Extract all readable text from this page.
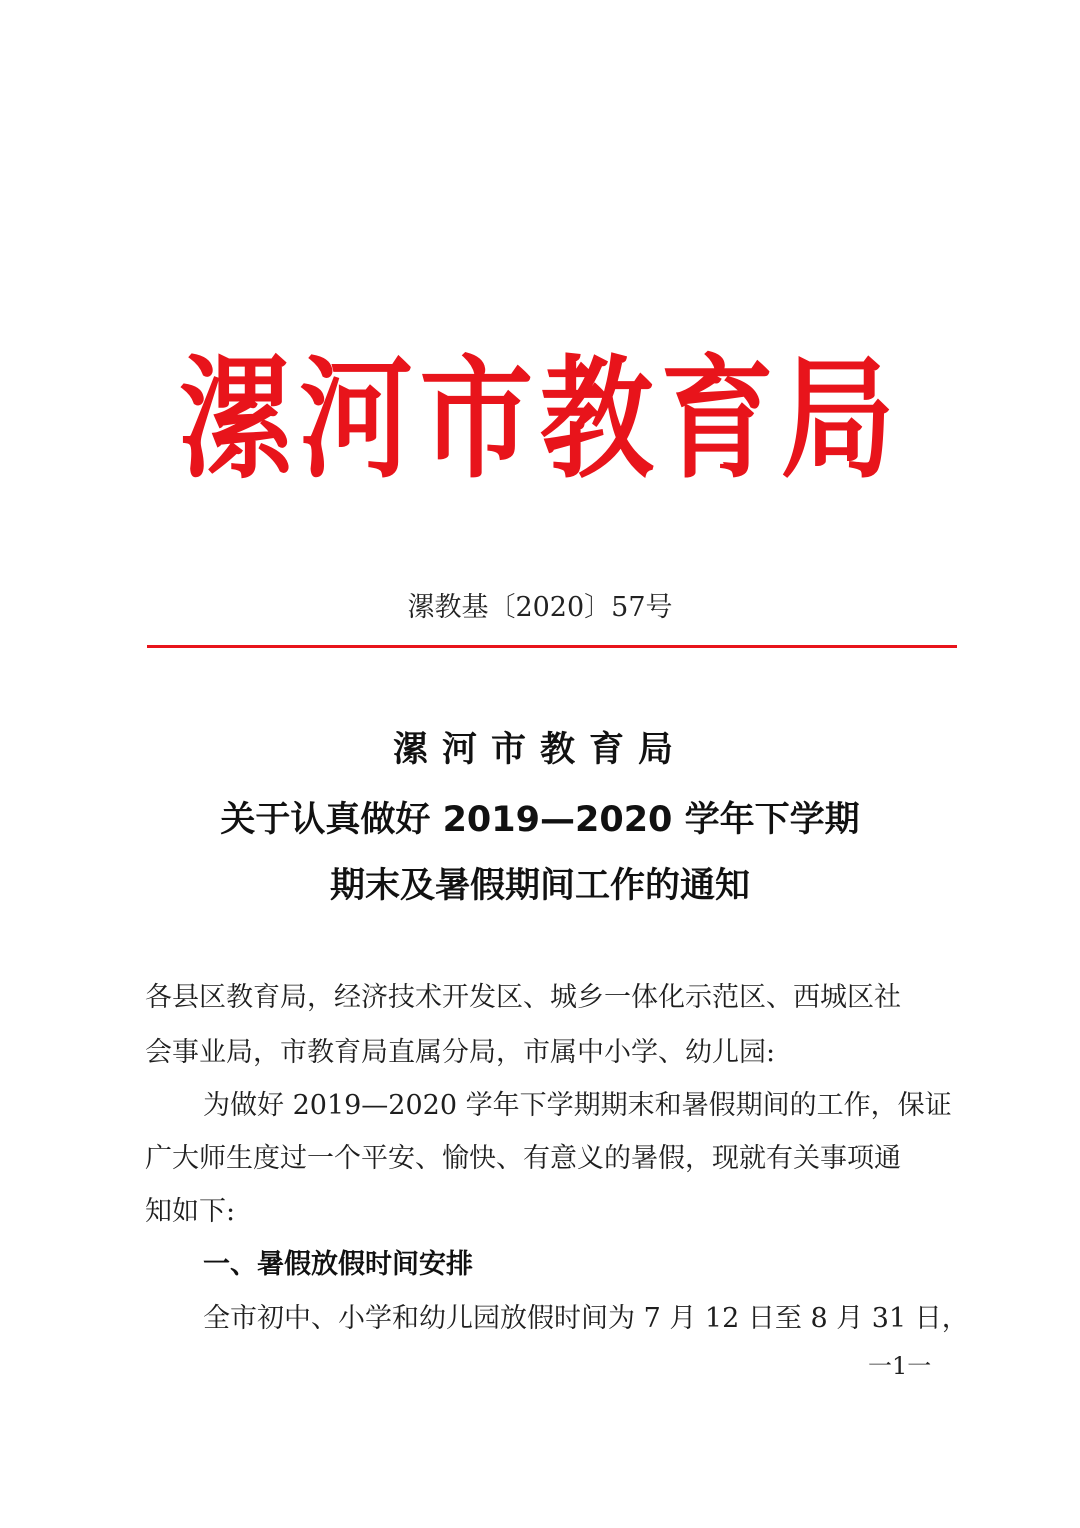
漯河市教育局
漯教基〔2020〕57号
漯河市教育局
关于认真做好 2019—2020 学年下学期
期末及暑假期间工作的通知
各县区教育局，经济技术开发区、城乡一体化示范区、西城区社
会事业局，市教育局直属分局，市属中小学、幼儿园:
为做好 2019—2020 学年下学期期末和暑假期间的工作，保证
广大师生度过一个平安、愉快、有意义的暑假，现就有关事项通
知如下:
一、暑假放假时间安排
全市初中、小学和幼儿园放假时间为 7 月 12 日至 8 月 31 日，
一1一
